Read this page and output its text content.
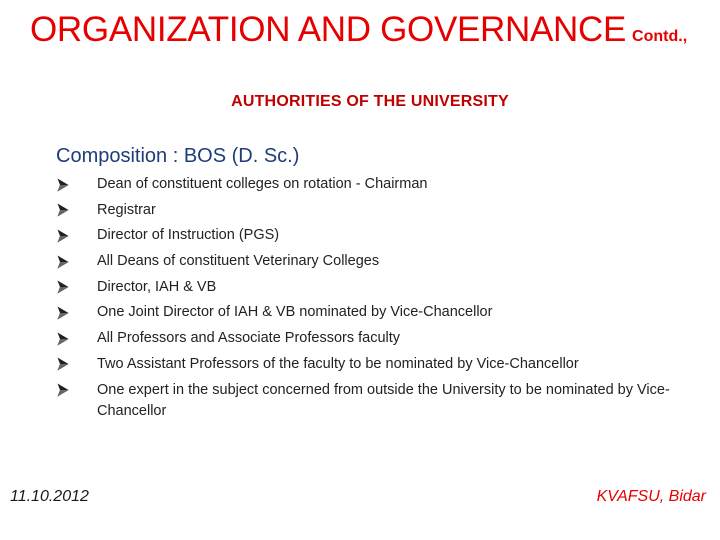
ORGANIZATION AND GOVERNANCE Contd.,
AUTHORITIES OF THE UNIVERSITY
Composition : BOS (D. Sc.)
Dean of constituent colleges on rotation - Chairman
Registrar
Director of Instruction (PGS)
All Deans of constituent Veterinary Colleges
Director, IAH & VB
One Joint Director of IAH & VB nominated by Vice-Chancellor
All Professors and Associate Professors faculty
Two Assistant Professors of the faculty to be nominated by Vice-Chancellor
One expert in the subject concerned from outside the University to be nominated by Vice-Chancellor
11.10.2012	KVAFSU, Bidar
